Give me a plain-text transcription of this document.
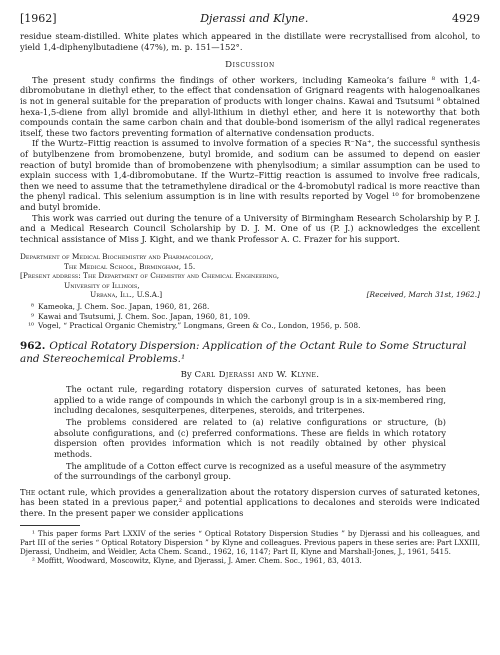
[1962]	Djerassi and Klyne.	4929

residue steam-distilled. White plates which appeared in the distillate were recrystallised from alcohol, to yield 1,4-diphenylbutadiene (47%), m. p. 151—152°.

Discussion

The present study confirms the findings of other workers, including Kameoka’s failure ⁸ with 1,4-dibromobutane in diethyl ether, to the effect that condensation of Grignard reagents with halogenoalkanes is not in general suitable for the preparation of products with longer chains. Kawai and Tsutsumi ⁹ obtained hexa-1,5-diene from allyl bromide and allyl-lithium in diethyl ether, and here it is noteworthy that both compounds contain the same carbon chain and that double-bond isomerism of the allyl radical regenerates itself, these two factors preventing formation of alternative condensation products.

If the Wurtz–Fittig reaction is assumed to involve formation of a species R⁻Na⁺, the successful synthesis of butylbenzene from bromobenzene, butyl bromide, and sodium can be assumed to depend on easier reaction of butyl bromide than of bromobenzene with phenylsodium; a similar assumption can be used to explain success with 1,4-dibromobutane. If the Wurtz–Fittig reaction is assumed to involve free radicals, then we need to assume that the tetramethylene diradical or the 4-bromobutyl radical is more reactive than the phenyl radical. This selenium assumption is in line with results reported by Vogel ¹⁰ for bromobenzene and butyl bromide.

This work was carried out during the tenure of a University of Birmingham Research Scholarship by P. J. and a Medical Research Council Scholarship by D. J. M. One of us (P. J.) acknowledges the excellent technical assistance of Miss J. Kight, and we thank Professor A. C. Frazer for his support.

Department of Medical Biochemistry and Pharmacology,
The Medical School, Birmingham, 15.
[Present address: The Department of Chemistry and Chemical Engineering,
University of Illinois,
Urbana, Ill., U.S.A.]	[Received, March 31st, 1962.]
⁸ Kameoka, J. Chem. Soc. Japan, 1960, 81, 268.
⁹ Kawai and Tsutsumi, J. Chem. Soc. Japan, 1960, 81, 109.
¹⁰ Vogel, “ Practical Organic Chemistry,” Longmans, Green & Co., London, 1956, p. 508.
962. Optical Rotatory Dispersion: Application of the Octant Rule to Some Structural and Stereochemical Problems.¹
By Carl Djerassi and W. Klyne.

The octant rule, regarding rotatory dispersion curves of saturated ketones, has been applied to a wide range of compounds in which the carbonyl group is in a six-membered ring, including decalones, sesquiterpenes, diterpenes, steroids, and triterpenes.

The problems considered are related to (a) relative configurations or structure, (b) absolute configurations, and (c) preferred conformations. These are fields in which rotatory dispersion often provides information which is not readily obtained by other physical methods.

The amplitude of a Cotton effect curve is recognized as a useful measure of the asymmetry of the surroundings of the carbonyl group.

The octant rule, which provides a generalization about the rotatory dispersion curves of saturated ketones, has been stated in a previous paper,² and potential applications to decalones and steroids were indicated there. In the present paper we consider applications

¹ This paper forms Part LXXIV of the series “ Optical Rotatory Dispersion Studies ” by Djerassi and his colleagues, and Part III of the series “ Optical Rotatory Dispersion ” by Klyne and colleagues. Previous papers in these series are: Part LXXIII, Djerassi, Undheim, and Weidler, Acta Chem. Scand., 1962, 16, 1147; Part II, Klyne and Marshall-Jones, J., 1961, 5415.

² Moffitt, Woodward, Moscowitz, Klyne, and Djerassi, J. Amer. Chem. Soc., 1961, 83, 4013.
